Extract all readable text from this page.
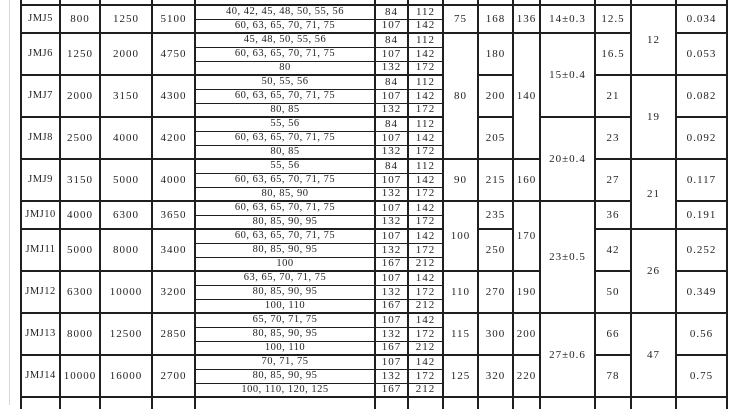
JMJ5	800	1250	5100	40, 42, 45, 48, 50, 55, 56	84	112	75	168	136	14±0.3	12.5	12	0.034
				60, 63, 65, 70, 71, 75	107	142							
JMJ6	1250	2000	4750	45, 48, 50, 55, 56	84	112	80	180	140	15±0.4	16.5		0.053
				60, 63, 65, 70, 71, 75	107	142							
				80	132	172							
JMJ7	2000	3150	4300	50, 55, 56	84	112		200			21	19	0.082
				60, 63, 65, 70, 71, 75	107	142							
				80, 85	132	172							
JMJ8	2500	4000	4200	55, 56	84	112		205		20±0.4	23		0.092
				60, 63, 65, 70, 71, 75	107	142							
				80, 85	132	172							
JMJ9	3150	5000	4000	55, 56	84	112	90	215	160		27	21	0.117
				60, 63, 65, 70, 71, 75	107	142							
				80, 85, 90	132	172							
JMJ10	4000	6300	3650	60, 63, 65, 70, 71, 75	107	142	100	235	170	23±0.5	36		0.191
				80, 85, 90, 95	132	172							
JMJ11	5000	8000	3400	60, 63, 65, 70, 71, 75	107	142		250			42	26	0.252
				80, 85, 90, 95	132	172							
				100	167	212							
JMJ12	6300	10000	3200	63, 65, 70, 71, 75	107	142	110	270	190		50		0.349
				80, 85, 90, 95	132	172							
				100, 110	167	212							
JMJ13	8000	12500	2850	65, 70, 71, 75	107	142	115	300	200	27±0.6	66	47	0.56
				80, 85, 90, 95	132	172							
				100, 110	167	212							
JMJ14	10000	16000	2700	70, 71, 75	107	142	125	320	220		78		0.75
				80, 85, 90, 95	132	172							
				100, 110, 120, 125	167	212							
